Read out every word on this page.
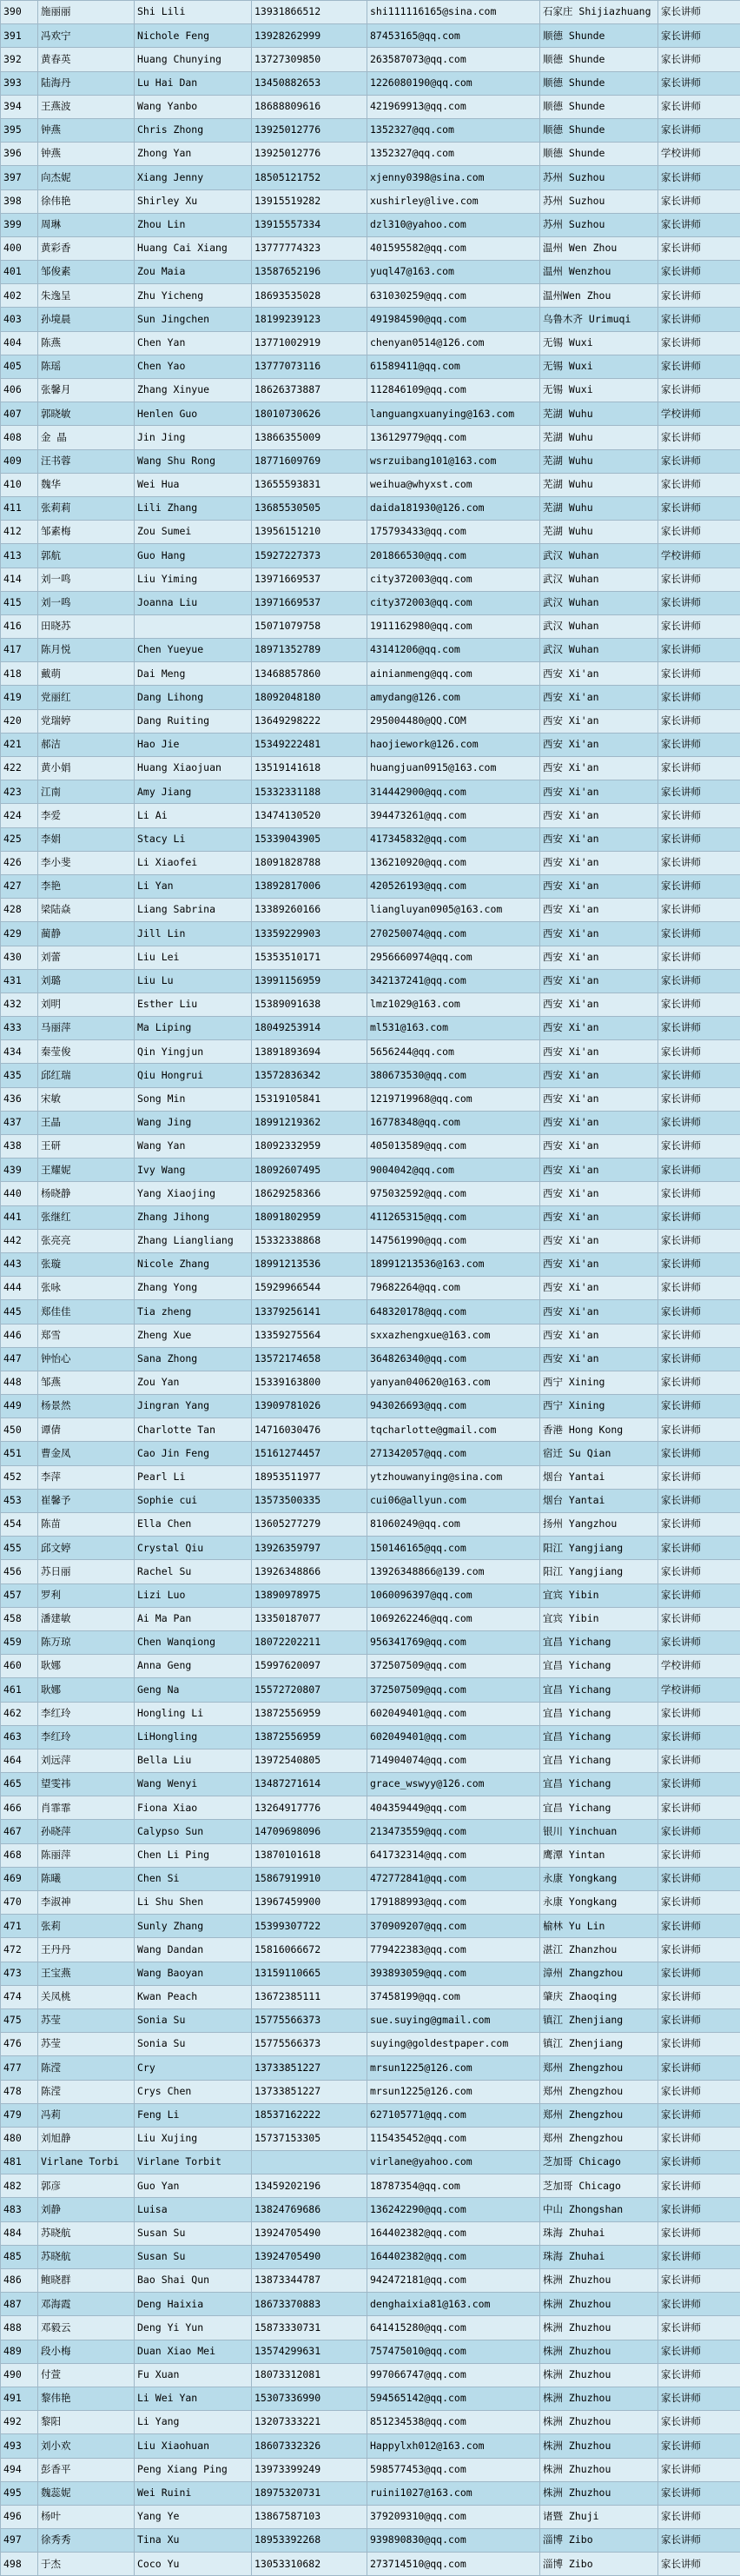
390	施丽丽	Shi Lili	13931866512	shi111116165@sina.com	石家庄 Shijiazhuang	家长讲师
391	冯欢宁	Nichole Feng	13928262999	87453165@qq.com	顺德 Shunde	家长讲师
392	黄春英	Huang Chunying	13727309850	263587073@qq.com	顺德 Shunde	家长讲师
393	陆海丹	Lu Hai Dan	13450882653	1226080190@qq.com	顺德 Shunde	家长讲师
394	王燕波	Wang Yanbo	18688809616	421969913@qq.com	顺德 Shunde	家长讲师
395	钟燕	Chris Zhong	13925012776	1352327@qq.com	顺德 Shunde	家长讲师
396	钟燕	Zhong Yan	13925012776	1352327@qq.com	顺德 Shunde	学校讲师
397	向杰妮	Xiang Jenny	18505121752	xjenny0398@sina.com	苏州 Suzhou	家长讲师
398	徐伟艳	Shirley Xu	13915519282	xushirley@live.com	苏州 Suzhou	家长讲师
399	周琳	Zhou Lin	13915557334	dzl310@yahoo.com	苏州 Suzhou	家长讲师
400	黄彩香	Huang Cai Xiang	13777774323	401595582@qq.com	温州 Wen Zhou	家长讲师
401	邹俊素	Zou Maia	13587652196	yuql47@163.com	温州 Wenzhou	家长讲师
402	朱逸呈	Zhu Yicheng	18693535028	631030259@qq.com	温州Wen Zhou	家长讲师
403	孙境晨	Sun Jingchen	18199239123	491984590@qq.com	乌鲁木齐 Urimuqi	家长讲师
404	陈燕	Chen Yan	13771002919	chenyan0514@126.com	无锡 Wuxi	家长讲师
405	陈瑶	Chen Yao	13777073116	61589411@qq.com	无锡 Wuxi	家长讲师
406	张馨月	Zhang Xinyue	18626373887	112846109@qq.com	无锡 Wuxi	家长讲师
407	郭晓敏	Henlen Guo	18010730626	languangxuanying@163.com	芜湖 Wuhu	学校讲师
408	金 晶	Jin Jing	13866355009	136129779@qq.com	芜湖 Wuhu	家长讲师
409	汪书蓉	Wang Shu Rong	18771609769	wsrzuibang101@163.com	芜湖 Wuhu	家长讲师
410	魏华	Wei Hua	13655593831	weihua@whyxst.com	芜湖 Wuhu	家长讲师
411	张莉莉	Lili Zhang	13685530505	daida181930@126.com	芜湖 Wuhu	家长讲师
412	邹素梅	Zou Sumei	13956151210	175793433@qq.com	芜湖 Wuhu	家长讲师
413	郭航	Guo Hang	15927227373	201866530@qq.com	武汉 Wuhan	学校讲师
414	刘一鸣	Liu Yiming	13971669537	city372003@qq.com	武汉 Wuhan	家长讲师
415	刘一鸣	Joanna Liu	13971669537	city372003@qq.com	武汉 Wuhan	家长讲师
416	田晓苏		15071079758	1911162980@qq.com	武汉 Wuhan	家长讲师
417	陈月悦	Chen Yueyue	18971352789	43141206@qq.com	武汉 Wuhan	家长讲师
418	戴萌	Dai Meng	13468857860	ainianmeng@qq.com	西安 Xi'an	家长讲师
419	党丽红	Dang Lihong	18092048180	amydang@126.com	西安 Xi'an	家长讲师
420	党瑞婷	Dang Ruiting	13649298222	295004480@QQ.COM	西安 Xi'an	家长讲师
421	郝洁	Hao Jie	15349222481	haojiework@126.com	西安 Xi'an	家长讲师
422	黄小娟	Huang Xiaojuan	13519141618	huangjuan0915@163.com	西安 Xi'an	家长讲师
423	江南	Amy Jiang	15332331188	314442900@qq.com	西安 Xi'an	家长讲师
424	李爱	Li Ai	13474130520	394473261@qq.com	西安 Xi'an	家长讲师
425	李娟	Stacy Li	15339043905	417345832@qq.com	西安 Xi'an	家长讲师
426	李小斐	Li Xiaofei	18091828788	136210920@qq.com	西安 Xi'an	家长讲师
427	李艳	Li Yan	13892817006	420526193@qq.com	西安 Xi'an	家长讲师
428	梁陆焱	Liang Sabrina	13389260166	liangluyan0905@163.com	西安 Xi'an	家长讲师
429	蔺静	Jill Lin	13359229903	270250074@qq.com	西安 Xi'an	家长讲师
430	刘蕾	Liu Lei	15353510171	2956660974@qq.com	西安 Xi'an	家长讲师
431	刘璐	Liu Lu	13991156959	342137241@qq.com	西安 Xi'an	家长讲师
432	刘明	Esther Liu	15389091638	lmz1029@163.com	西安 Xi'an	家长讲师
433	马丽萍	Ma Liping	18049253914	ml531@163.com	西安 Xi'an	家长讲师
434	秦莹俊	Qin Yingjun	13891893694	5656244@qq.com	西安 Xi'an	家长讲师
435	邱红瑞	Qiu Hongrui	13572836342	380673530@qq.com	西安 Xi'an	家长讲师
436	宋敏	Song Min	15319105841	1219719968@qq.com	西安 Xi'an	家长讲师
437	王晶	Wang Jing	18991219362	16778348@qq.com	西安 Xi'an	家长讲师
438	王研	Wang Yan	18092332959	405013589@qq.com	西安 Xi'an	家长讲师
439	王耀妮	Ivy Wang	18092607495	9004042@qq.com	西安 Xi'an	家长讲师
440	杨晓静	Yang Xiaojing	18629258366	975032592@qq.com	西安 Xi'an	家长讲师
441	张继红	Zhang Jihong	18091802959	411265315@qq.com	西安 Xi'an	家长讲师
442	张亮亮	Zhang Liangliang	15332338868	147561990@qq.com	西安 Xi'an	家长讲师
443	张璇	Nicole Zhang	18991213536	18991213536@163.com	西安 Xi'an	家长讲师
444	张咏	Zhang Yong	15929966544	79682264@qq.com	西安 Xi'an	家长讲师
445	郑佳佳	Tia zheng	13379256141	648320178@qq.com	西安 Xi'an	家长讲师
446	郑雪	Zheng Xue	13359275564	sxxazhengxue@163.com	西安 Xi'an	家长讲师
447	钟怡心	Sana Zhong	13572174658	364826340@qq.com	西安 Xi'an	家长讲师
448	邹燕	Zou Yan	15339163800	yanyan040620@163.com	西宁 Xining	家长讲师
449	杨景然	Jingran Yang	13909781026	943026693@qq.com	西宁 Xining	家长讲师
450	谭倩	Charlotte Tan	14716030476	tqcharlotte@gmail.com	香港 Hong Kong	家长讲师
451	曹金凤	Cao Jin Feng	15161274457	271342057@qq.com	宿迁 Su Qian	家长讲师
452	李萍	Pearl Li	18953511977	ytzhouwanying@sina.com	烟台 Yantai	家长讲师
453	崔馨予	Sophie cui	13573500335	cui06@allyun.com	烟台 Yantai	家长讲师
454	陈苗	Ella Chen	13605277279	81060249@qq.com	扬州 Yangzhou	家长讲师
455	邱文婷	Crystal Qiu	13926359797	150146165@qq.com	阳江 Yangjiang	家长讲师
456	苏日丽	Rachel Su	13926348866	13926348866@139.com	阳江 Yangjiang	家长讲师
457	罗利	Lizi Luo	13890978975	1060096397@qq.com	宜宾 Yibin	家长讲师
458	潘建敏	Ai Ma Pan	13350187077	1069262246@qq.com	宜宾 Yibin	家长讲师
459	陈万琼	Chen Wanqiong	18072202211	956341769@qq.com	宜昌 Yichang	家长讲师
460	耿娜	Anna Geng	15997620097	372507509@qq.com	宜昌 Yichang	学校讲师
461	耿娜	Geng Na	15572720807	372507509@qq.com	宜昌 Yichang	学校讲师
462	李红玲	Hongling Li	13872556959	602049401@qq.com	宜昌 Yichang	家长讲师
463	李红玲	LiHongling	13872556959	602049401@qq.com	宜昌 Yichang	家长讲师
464	刘远萍	Bella Liu	13972540805	714904074@qq.com	宜昌 Yichang	家长讲师
465	望雯祎	Wang Wenyi	13487271614	grace_wswyy@126.com	宜昌 Yichang	家长讲师
466	肖霏霏	Fiona Xiao	13264917776	404359449@qq.com	宜昌 Yichang	家长讲师
467	孙晓萍	Calypso Sun	14709698096	213473559@qq.com	银川 Yinchuan	家长讲师
468	陈丽萍	Chen Li Ping	13870101618	641732314@qq.com	鹰潭 Yintan	家长讲师
469	陈曦	Chen Si	15867919910	472772841@qq.com	永康 Yongkang	家长讲师
470	李淑神	Li Shu Shen	13967459900	179188993@qq.com	永康 Yongkang	家长讲师
471	张莉	Sunly Zhang	15399307722	370909207@qq.com	榆林 Yu Lin	家长讲师
472	王丹丹	Wang Dandan	15816066672	779422383@qq.com	湛江 Zhanzhou	家长讲师
473	王宝燕	Wang Baoyan	13159110665	393893059@qq.com	漳州 Zhangzhou	家长讲师
474	关凤桃	Kwan Peach	13672385111	37458199@qq.com	肇庆 Zhaoqing	家长讲师
475	苏莹	Sonia Su	15775566373	sue.suying@gmail.com	镇江 Zhenjiang	家长讲师
476	苏莹	Sonia Su	15775566373	suying@goldestpaper.com	镇江 Zhenjiang	家长讲师
477	陈滢	Cry	13733851227	mrsun1225@126.com	郑州 Zhengzhou	家长讲师
478	陈滢	Crys Chen	13733851227	mrsun1225@126.com	郑州 Zhengzhou	家长讲师
479	冯莉	Feng Li	18537162222	627105771@qq.com	郑州 Zhengzhou	家长讲师
480	刘旭静	Liu Xujing	15737153305	115435452@qq.com	郑州 Zhengzhou	家长讲师
481	Virlane Torbi	Virlane Torbit		virlane@yahoo.com	芝加哥 Chicago	家长讲师
482	郭彦	Guo Yan	13459202196	18787354@qq.com	芝加哥 Chicago	家长讲师
483	刘静	Luisa	13824769686	136242290@qq.com	中山 Zhongshan	家长讲师
484	苏晓航	Susan Su	13924705490	164402382@qq.com	珠海 Zhuhai	家长讲师
485	苏晓航	Susan Su	13924705490	164402382@qq.com	珠海 Zhuhai	家长讲师
486	鲍晓群	Bao Shai Qun	13873344787	942472181@qq.com	株洲 Zhuzhou	家长讲师
487	邓海霞	Deng Haixia	18673370883	denghaixia81@163.com	株洲 Zhuzhou	家长讲师
488	邓毅云	Deng Yi Yun	15873330731	641415280@qq.com	株洲 Zhuzhou	家长讲师
489	段小梅	Duan Xiao Mei	13574299631	757475010@qq.com	株洲 Zhuzhou	家长讲师
490	付萱	Fu Xuan	18073312081	997066747@qq.com	株洲 Zhuzhou	家长讲师
491	黎伟艳	Li Wei Yan	15307336990	594565142@qq.com	株洲 Zhuzhou	家长讲师
492	黎阳	Li Yang	13207333221	851234538@qq.com	株洲 Zhuzhou	家长讲师
493	刘小欢	Liu Xiaohuan	18607332326	Happylxh012@163.com	株洲 Zhuzhou	家长讲师
494	彭香平	Peng Xiang Ping	13973399249	598577453@qq.com	株洲 Zhuzhou	家长讲师
495	魏蕊妮	Wei Ruini	18975320731	ruini1027@163.com	株洲 Zhuzhou	家长讲师
496	杨叶	Yang Ye	13867587103	379209310@qq.com	诸暨 Zhuji	家长讲师
497	徐秀秀	Tina Xu	18953392268	939890830@qq.com	淄博 Zibo	家长讲师
498	于杰	Coco Yu	13053310682	273714510@qq.com	淄博 Zibo	家长讲师
